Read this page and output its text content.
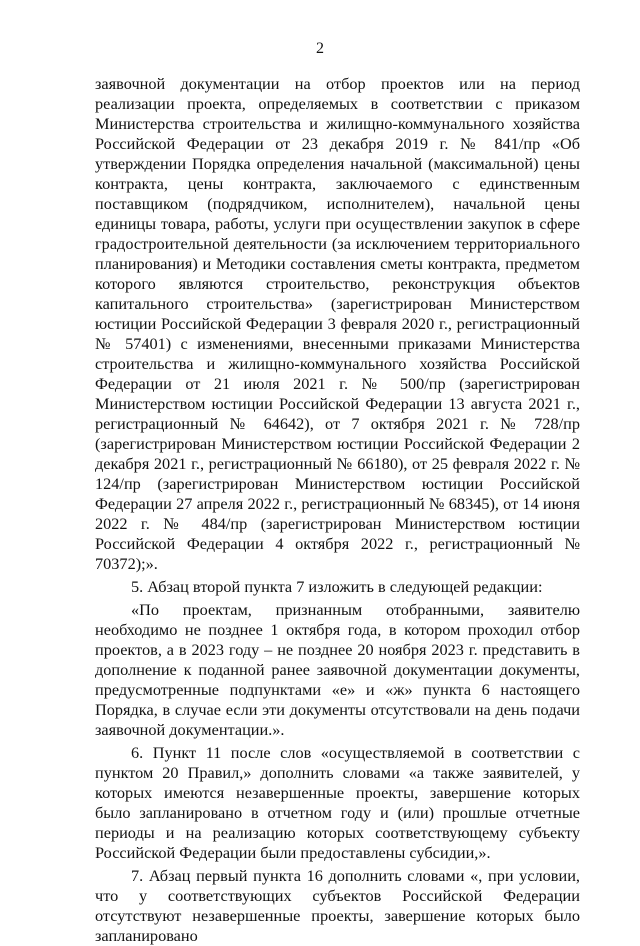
2

заявочной документации на отбор проектов или на период реализации проекта, определяемых в соответствии с приказом Министерства строительства и жилищно-коммунального хозяйства Российской Федерации от 23 декабря 2019 г. № 841/пр «Об утверждении Порядка определения начальной (максимальной) цены контракта, цены контракта, заключаемого с единственным поставщиком (подрядчиком, исполнителем), начальной цены единицы товара, работы, услуги при осуществлении закупок в сфере градостроительной деятельности (за исключением территориального планирования) и Методики составления сметы контракта, предметом которого являются строительство, реконструкция объектов капитального строительства» (зарегистрирован Министерством юстиции Российской Федерации 3 февраля 2020 г., регистрационный № 57401) с изменениями, внесенными приказами Министерства строительства и жилищно-коммунального хозяйства Российской Федерации от 21 июля 2021 г. № 500/пр (зарегистрирован Министерством юстиции Российской Федерации 13 августа 2021 г., регистрационный № 64642), от 7 октября 2021 г. № 728/пр (зарегистрирован Министерством юстиции Российской Федерации 2 декабря 2021 г., регистрационный № 66180), от 25 февраля 2022 г. № 124/пр (зарегистрирован Министерством юстиции Российской Федерации 27 апреля 2022 г., регистрационный № 68345), от 14 июня 2022 г. № 484/пр (зарегистрирован Министерством юстиции Российской Федерации 4 октября 2022 г., регистрационный № 70372);».

5. Абзац второй пункта 7 изложить в следующей редакции:

«По проектам, признанным отобранными, заявителю необходимо не позднее 1 октября года, в котором проходил отбор проектов, а в 2023 году – не позднее 20 ноября 2023 г. представить в дополнение к поданной ранее заявочной документации документы, предусмотренные подпунктами «е» и «ж» пункта 6 настоящего Порядка, в случае если эти документы отсутствовали на день подачи заявочной документации.».

6. Пункт 11 после слов «осуществляемой в соответствии с пунктом 20 Правил,» дополнить словами «а также заявителей, у которых имеются незавершенные проекты, завершение которых было запланировано в отчетном году и (или) прошлые отчетные периоды и на реализацию которых соответствующему субъекту Российской Федерации были предоставлены субсидии,».

7. Абзац первый пункта 16 дополнить словами «, при условии, что у соответствующих субъектов Российской Федерации отсутствуют незавершенные проекты, завершение которых было запланировано
